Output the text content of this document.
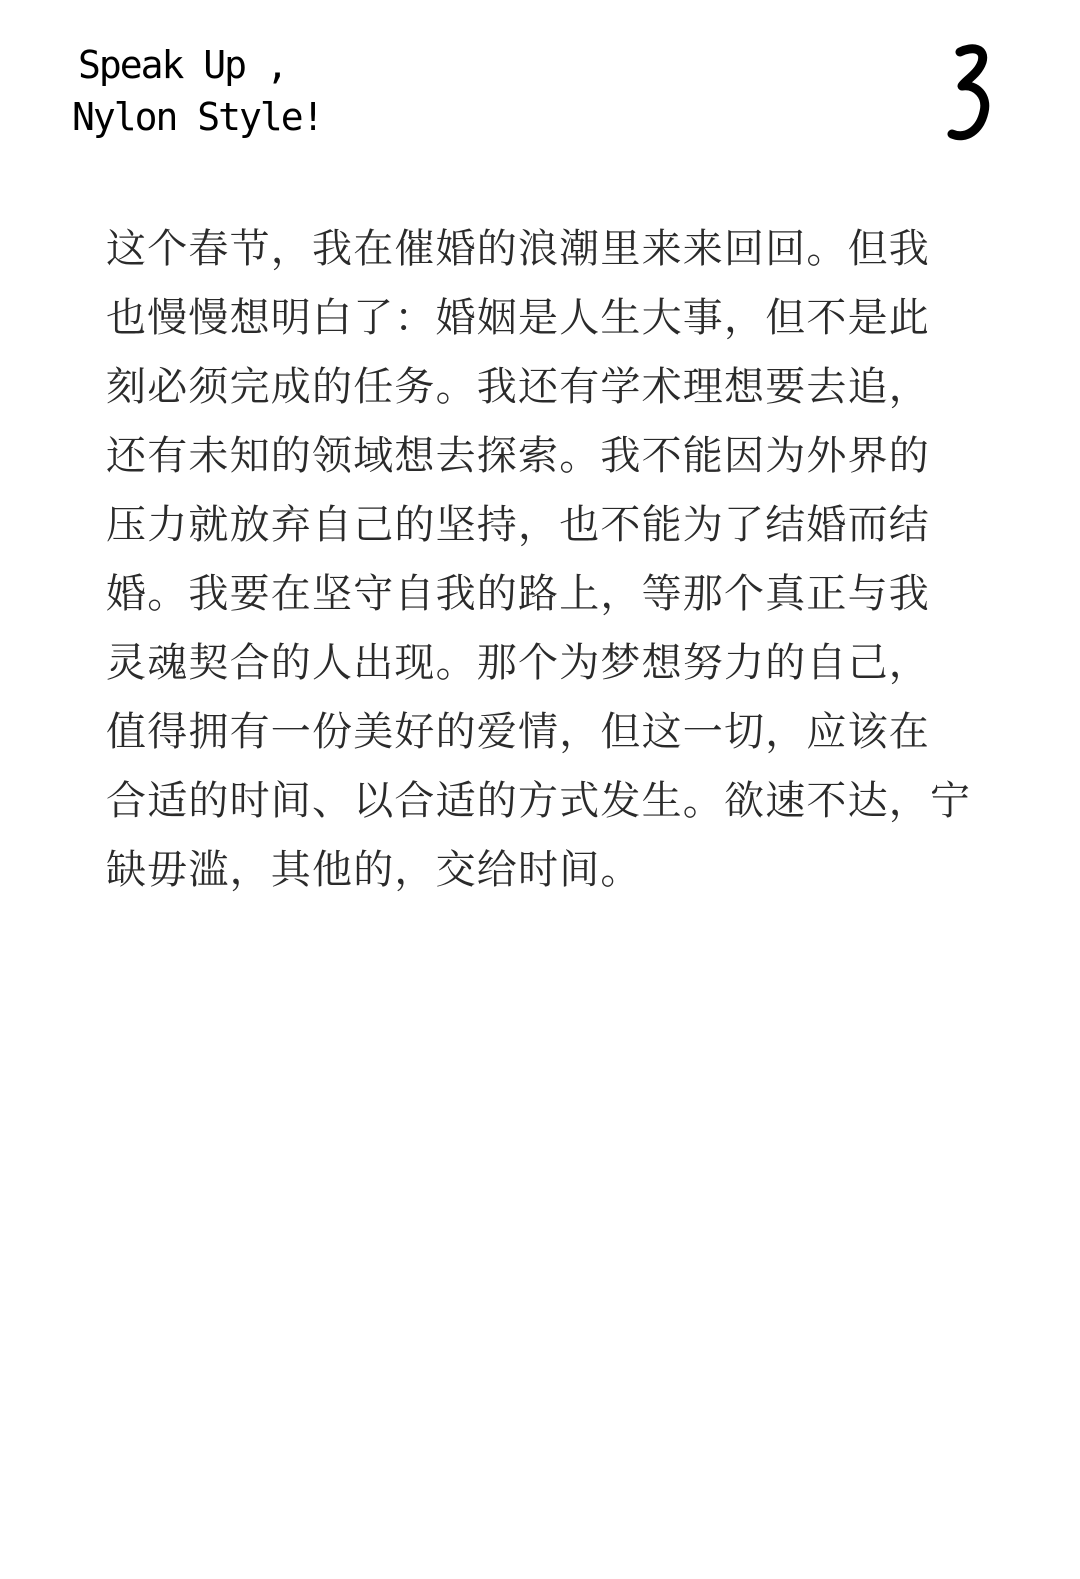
Speak Up ,
Nylon Style!
这个春节，我在催婚的浪潮里来来回回。但我
也慢慢想明白了：婚姻是人生大事，但不是此
刻必须完成的任务。我还有学术理想要去追，
还有未知的领域想去探索。我不能因为外界的
压力就放弃自己的坚持，也不能为了结婚而结
婚。我要在坚守自我的路上，等那个真正与我
灵魂契合的人出现。那个为梦想努力的自己，
值得拥有一份美好的爱情，但这一切，应该在
合适的时间、以合适的方式发生。欲速不达，宁
缺毋滥，其他的，交给时间。
